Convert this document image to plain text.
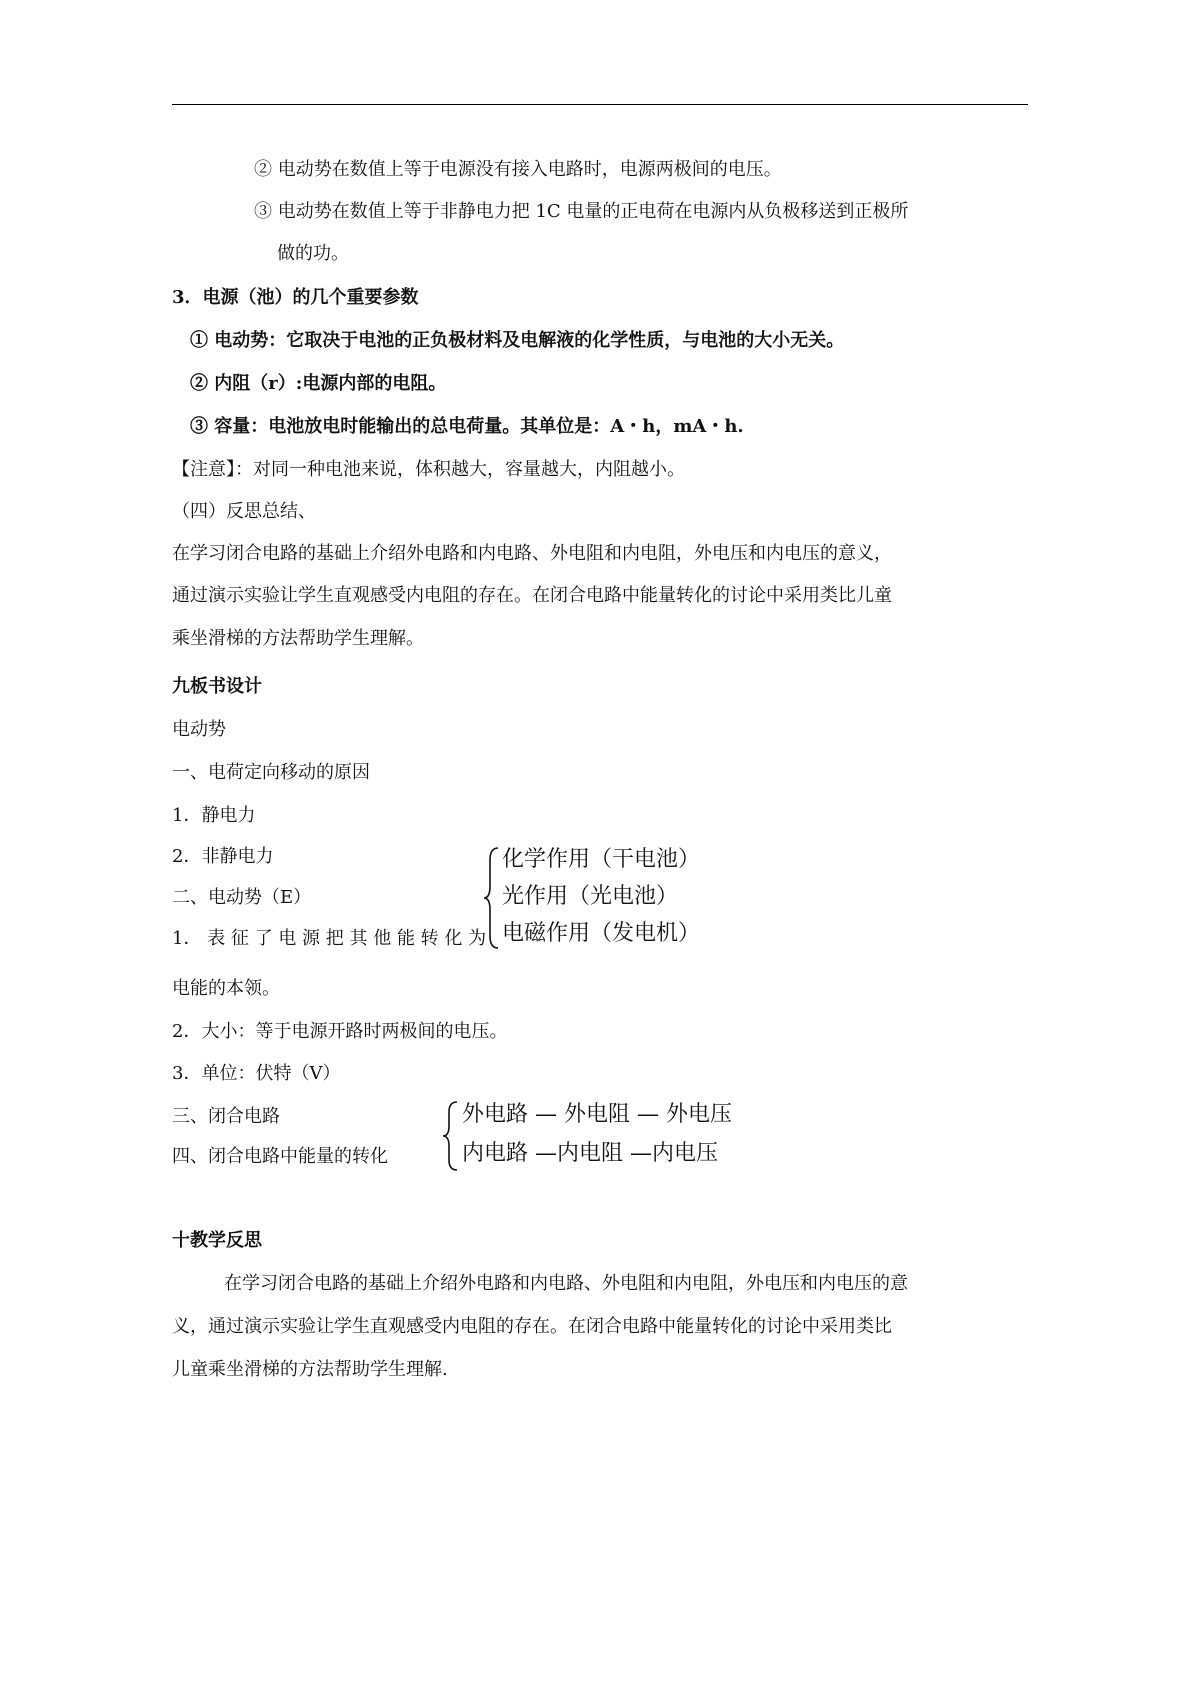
② 电动势在数值上等于电源没有接入电路时，电源两极间的电压。
③ 电动势在数值上等于非静电力把 1C 电量的正电荷在电源内从负极移送到正极所
做的功。
3．电源（池）的几个重要参数
① 电动势：它取决于电池的正负极材料及电解液的化学性质，与电池的大小无关。
② 内阻（r）:电源内部的电阻。
③ 容量：电池放电时能输出的总电荷量。其单位是：A・h，mA・h.
【注意】：对同一种电池来说，体积越大，容量越大，内阻越小。
（四）反思总结、
在学习闭合电路的基础上介绍外电路和内电路、外电阻和内电阻，外电压和内电压的意义，
通过演示实验让学生直观感受内电阻的存在。在闭合电路中能量转化的讨论中采用类比儿童
乘坐滑梯的方法帮助学生理解。
九板书设计
电动势
一、电荷定向移动的原因
1．静电力
2．非静电力
二、电动势（E）
1． 表 征 了 电 源 把 其 他 能 转 化 为
化学作用（干电池）
光作用（光电池）
电磁作用（发电机）
电能的本领。
2．大小：等于电源开路时两极间的电压。
3．单位：伏特（V）
三、闭合电路
四、闭合电路中能量的转化
外电路 — 外电阻 — 外电压
内电路 —内电阻 —内电压
十教学反思
在学习闭合电路的基础上介绍外电路和内电路、外电阻和内电阻，外电压和内电压的意
义，通过演示实验让学生直观感受内电阻的存在。在闭合电路中能量转化的讨论中采用类比
儿童乘坐滑梯的方法帮助学生理解.
